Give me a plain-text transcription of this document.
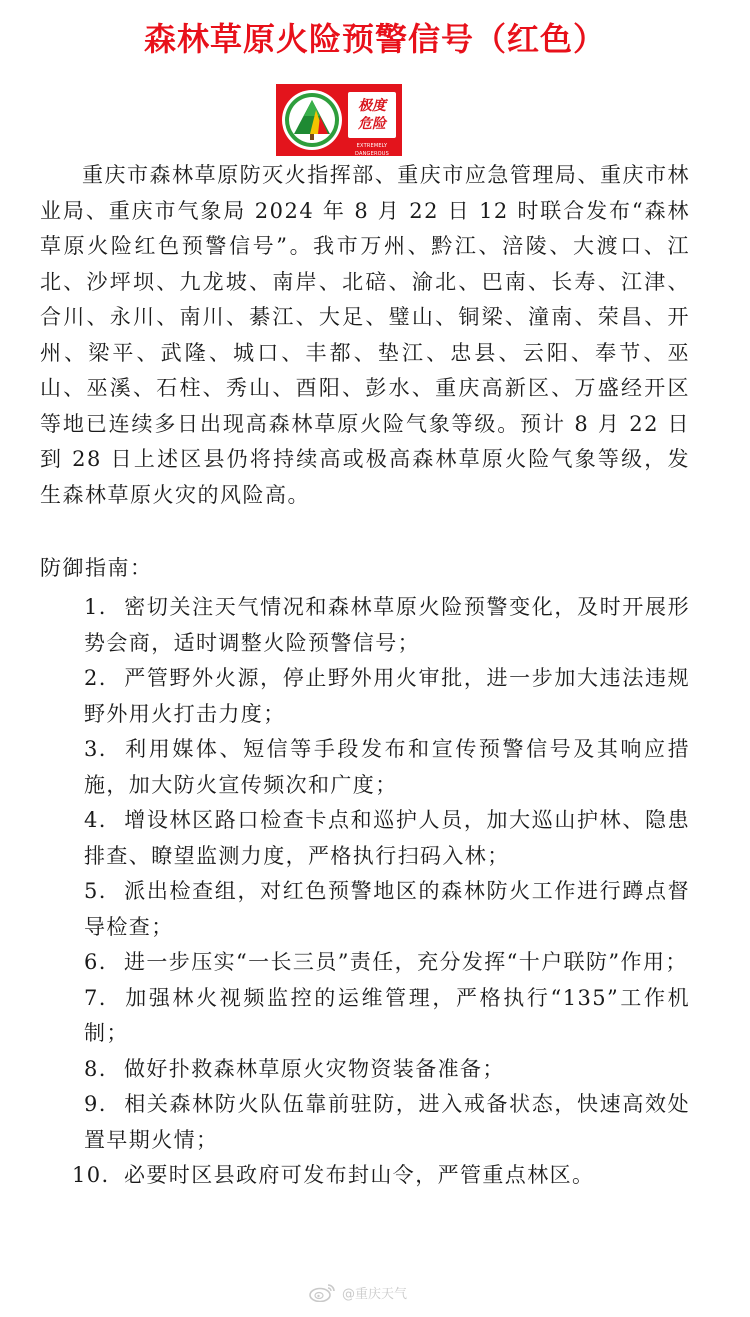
森林草原火险预警信号（红色）
极度
危险
EXTREMELY DANGEROUS

重庆市森林草原防灭火指挥部、重庆市应急管理局、重庆市林业局、重庆市气象局 2024 年 8 月 22 日 12 时联合发布“森林草原火险红色预警信号”。我市万州、黔江、涪陵、大渡口、江北、沙坪坝、九龙坡、南岸、北碚、渝北、巴南、长寿、江津、合川、永川、南川、綦江、大足、璧山、铜梁、潼南、荣昌、开州、梁平、武隆、城口、丰都、垫江、忠县、云阳、奉节、巫山、巫溪、石柱、秀山、酉阳、彭水、重庆高新区、万盛经开区等地已连续多日出现高森林草原火险气象等级。预计 8 月 22 日到 28 日上述区县仍将持续高或极高森林草原火险气象等级，发生森林草原火灾的风险高。

防御指南：

1. 密切关注天气情况和森林草原火险预警变化，及时开展形势会商，适时调整火险预警信号；
2. 严管野外火源，停止野外用火审批，进一步加大违法违规野外用火打击力度；
3. 利用媒体、短信等手段发布和宣传预警信号及其响应措施，加大防火宣传频次和广度；
4. 增设林区路口检查卡点和巡护人员，加大巡山护林、隐患排查、瞭望监测力度，严格执行扫码入林；
5. 派出检查组，对红色预警地区的森林防火工作进行蹲点督导检查；
6. 进一步压实“一长三员”责任，充分发挥“十户联防”作用；
7. 加强林火视频监控的运维管理，严格执行“135”工作机制；
8. 做好扑救森林草原火灾物资装备准备；
9. 相关森林防火队伍靠前驻防，进入戒备状态，快速高效处置早期火情；
10. 必要时区县政府可发布封山令，严管重点林区。
@重庆天气
